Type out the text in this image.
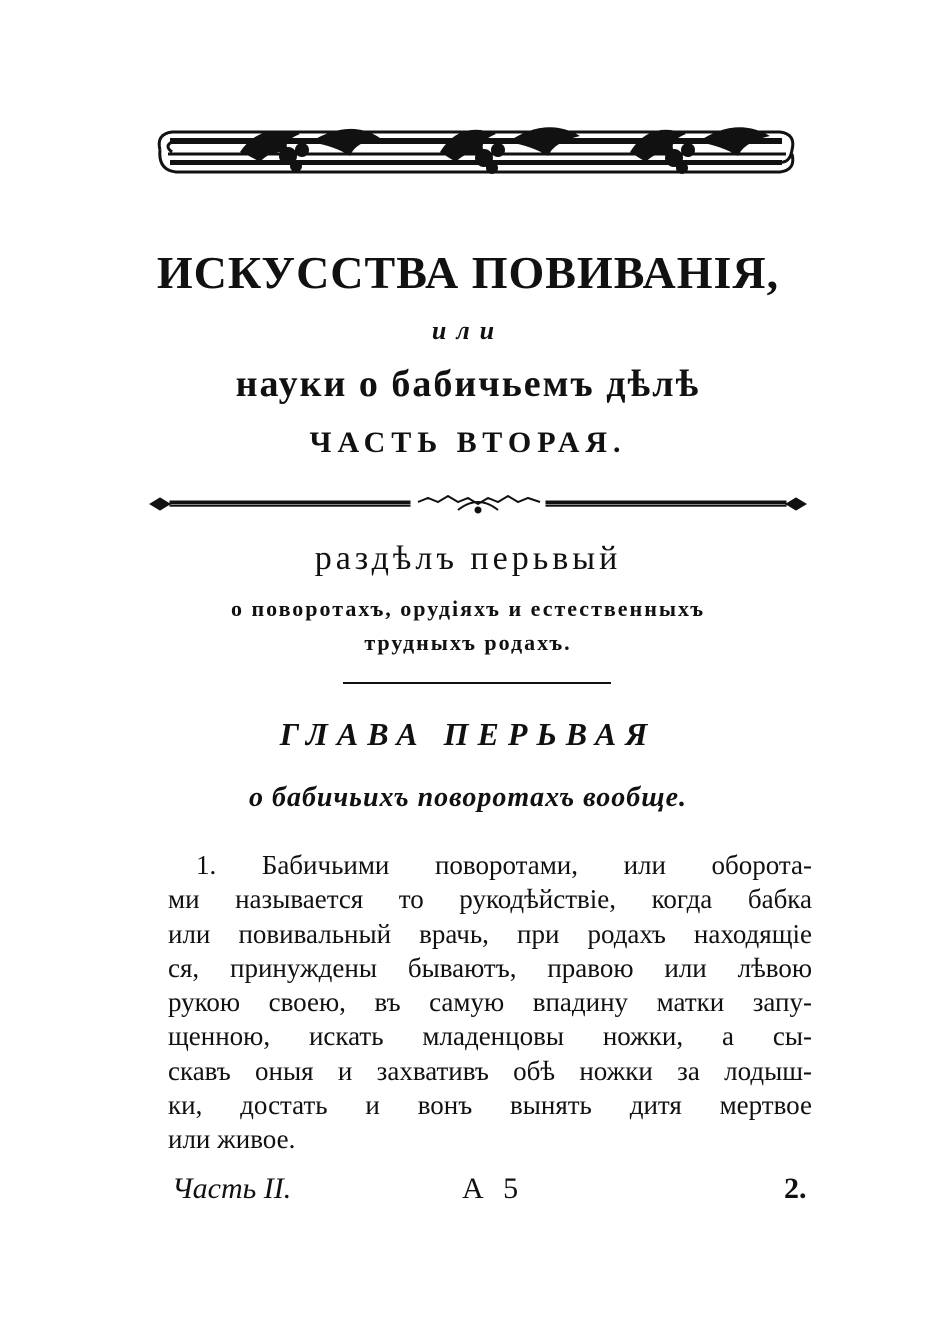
ИСКУССТВА ПОВИВАНІЯ,
или
науки о бабичьемъ дѣлѣ
ЧАСТЬ ВТОРАЯ.
раздѣлъ перьвый
о поворотахъ, орудіяхъ и естественныхъ
трудныхъ родахъ.
ГЛАВА ПЕРЬВАЯ
о бабичьихъ поворотахъ вообще.
1. Бабичьими поворотами, или оборота-
ми называется то рукодѣйствіе, когда бабка
или повивальный врачь, при родахъ находящіе
ся, принуждены бываютъ, правою или лѣвою
рукою своею, въ самую впадину матки запу-
щенною, искать младенцовы ножки, а сы-
скавъ оныя и захвативъ обѣ ножки за лодыш-
ки, достать и вонъ вынять дитя мертвое
или живое.
Часть II.	А 5	2.
